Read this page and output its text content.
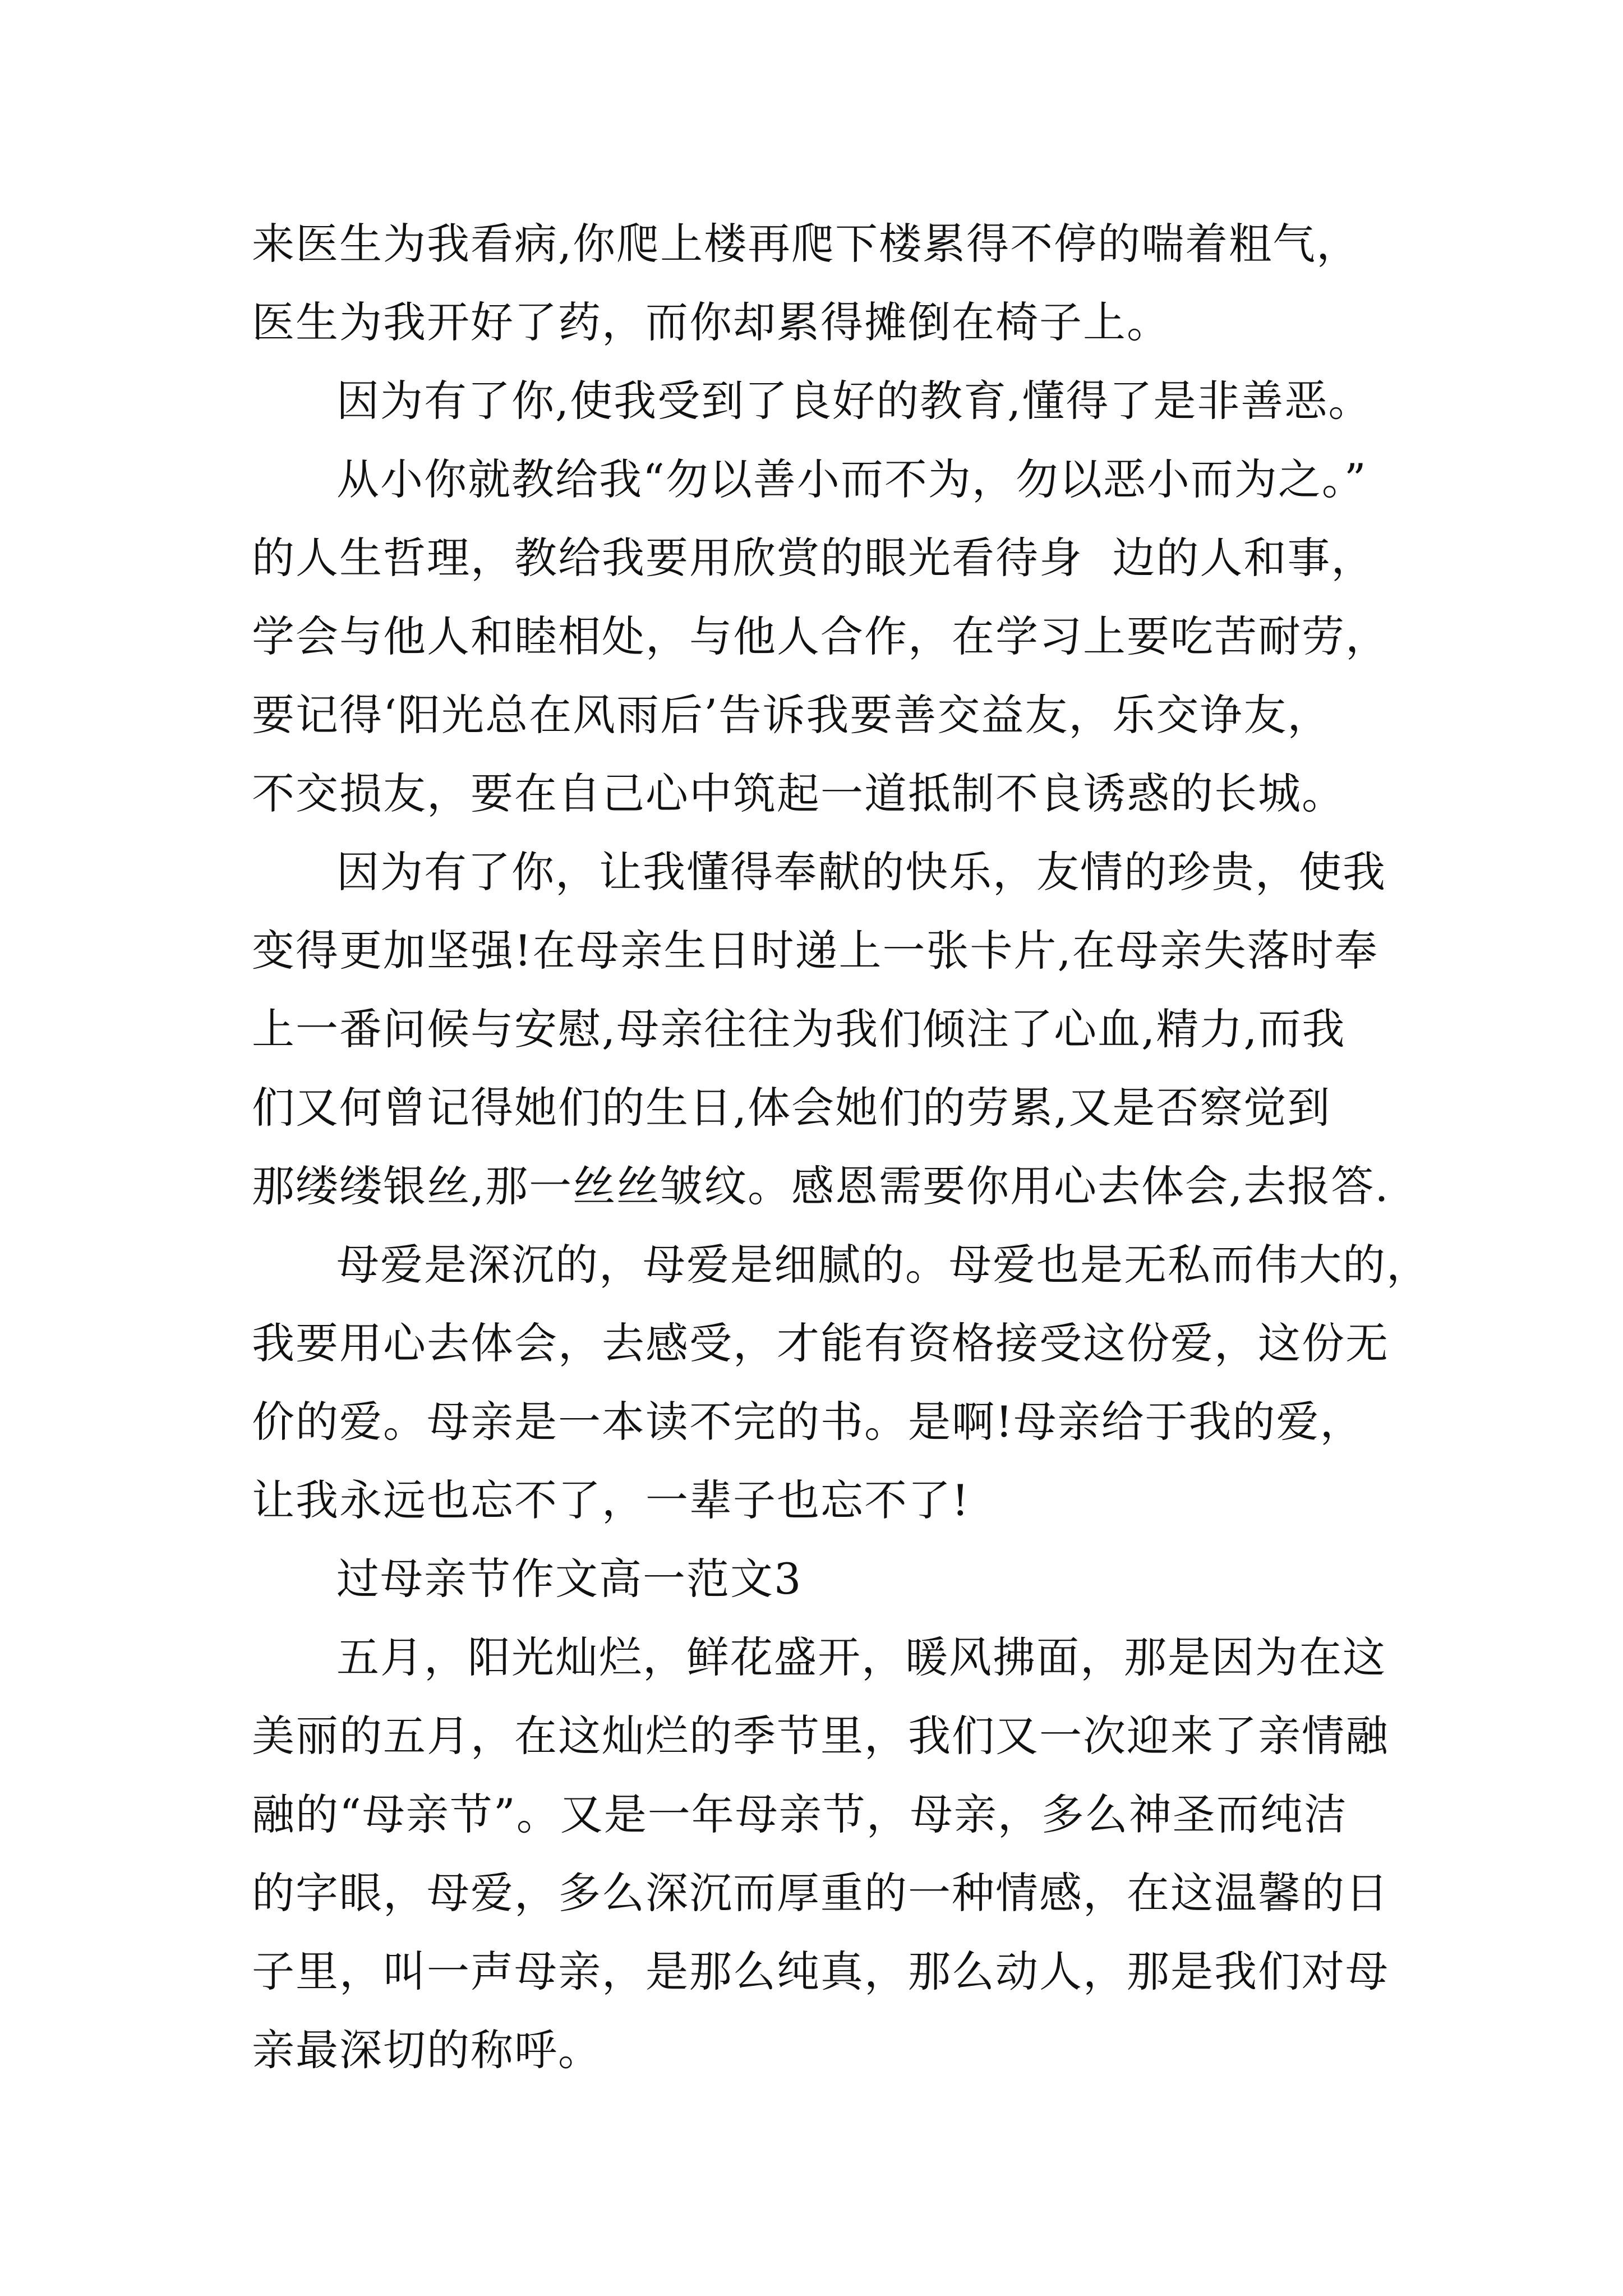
来医生为我看病,你爬上楼再爬下楼累得不停的喘着粗气，
医生为我开好了药，而你却累得摊倒在椅子上。
因为有了你,使我受到了良好的教育,懂得了是非善恶。
从小你就教给我“勿以善小而不为，勿以恶小而为之。”
的人生哲理，教给我要用欣赏的眼光看待身  边的人和事，
学会与他人和睦相处，与他人合作，在学习上要吃苦耐劳，
要记得‘阳光总在风雨后’告诉我要善交益友，乐交诤友，
不交损友，要在自己心中筑起一道抵制不良诱惑的长城。
因为有了你，让我懂得奉献的快乐，友情的珍贵，使我
变得更加坚强!在母亲生日时递上一张卡片,在母亲失落时奉
上一番问候与安慰,母亲往往为我们倾注了心血,精力,而我
们又何曾记得她们的生日,体会她们的劳累,又是否察觉到
那缕缕银丝,那一丝丝皱纹。感恩需要你用心去体会,去报答.
母爱是深沉的，母爱是细腻的。母爱也是无私而伟大的，
我要用心去体会，去感受，才能有资格接受这份爱，这份无
价的爱。母亲是一本读不完的书。是啊!母亲给于我的爱，
让我永远也忘不了，一辈子也忘不了!
过母亲节作文高一范文3
五月，阳光灿烂，鲜花盛开，暖风拂面，那是因为在这
美丽的五月，在这灿烂的季节里，我们又一次迎来了亲情融
融的“母亲节”。又是一年母亲节，母亲，多么神圣而纯洁
的字眼，母爱，多么深沉而厚重的一种情感，在这温馨的日
子里，叫一声母亲，是那么纯真，那么动人，那是我们对母
亲最深切的称呼。
